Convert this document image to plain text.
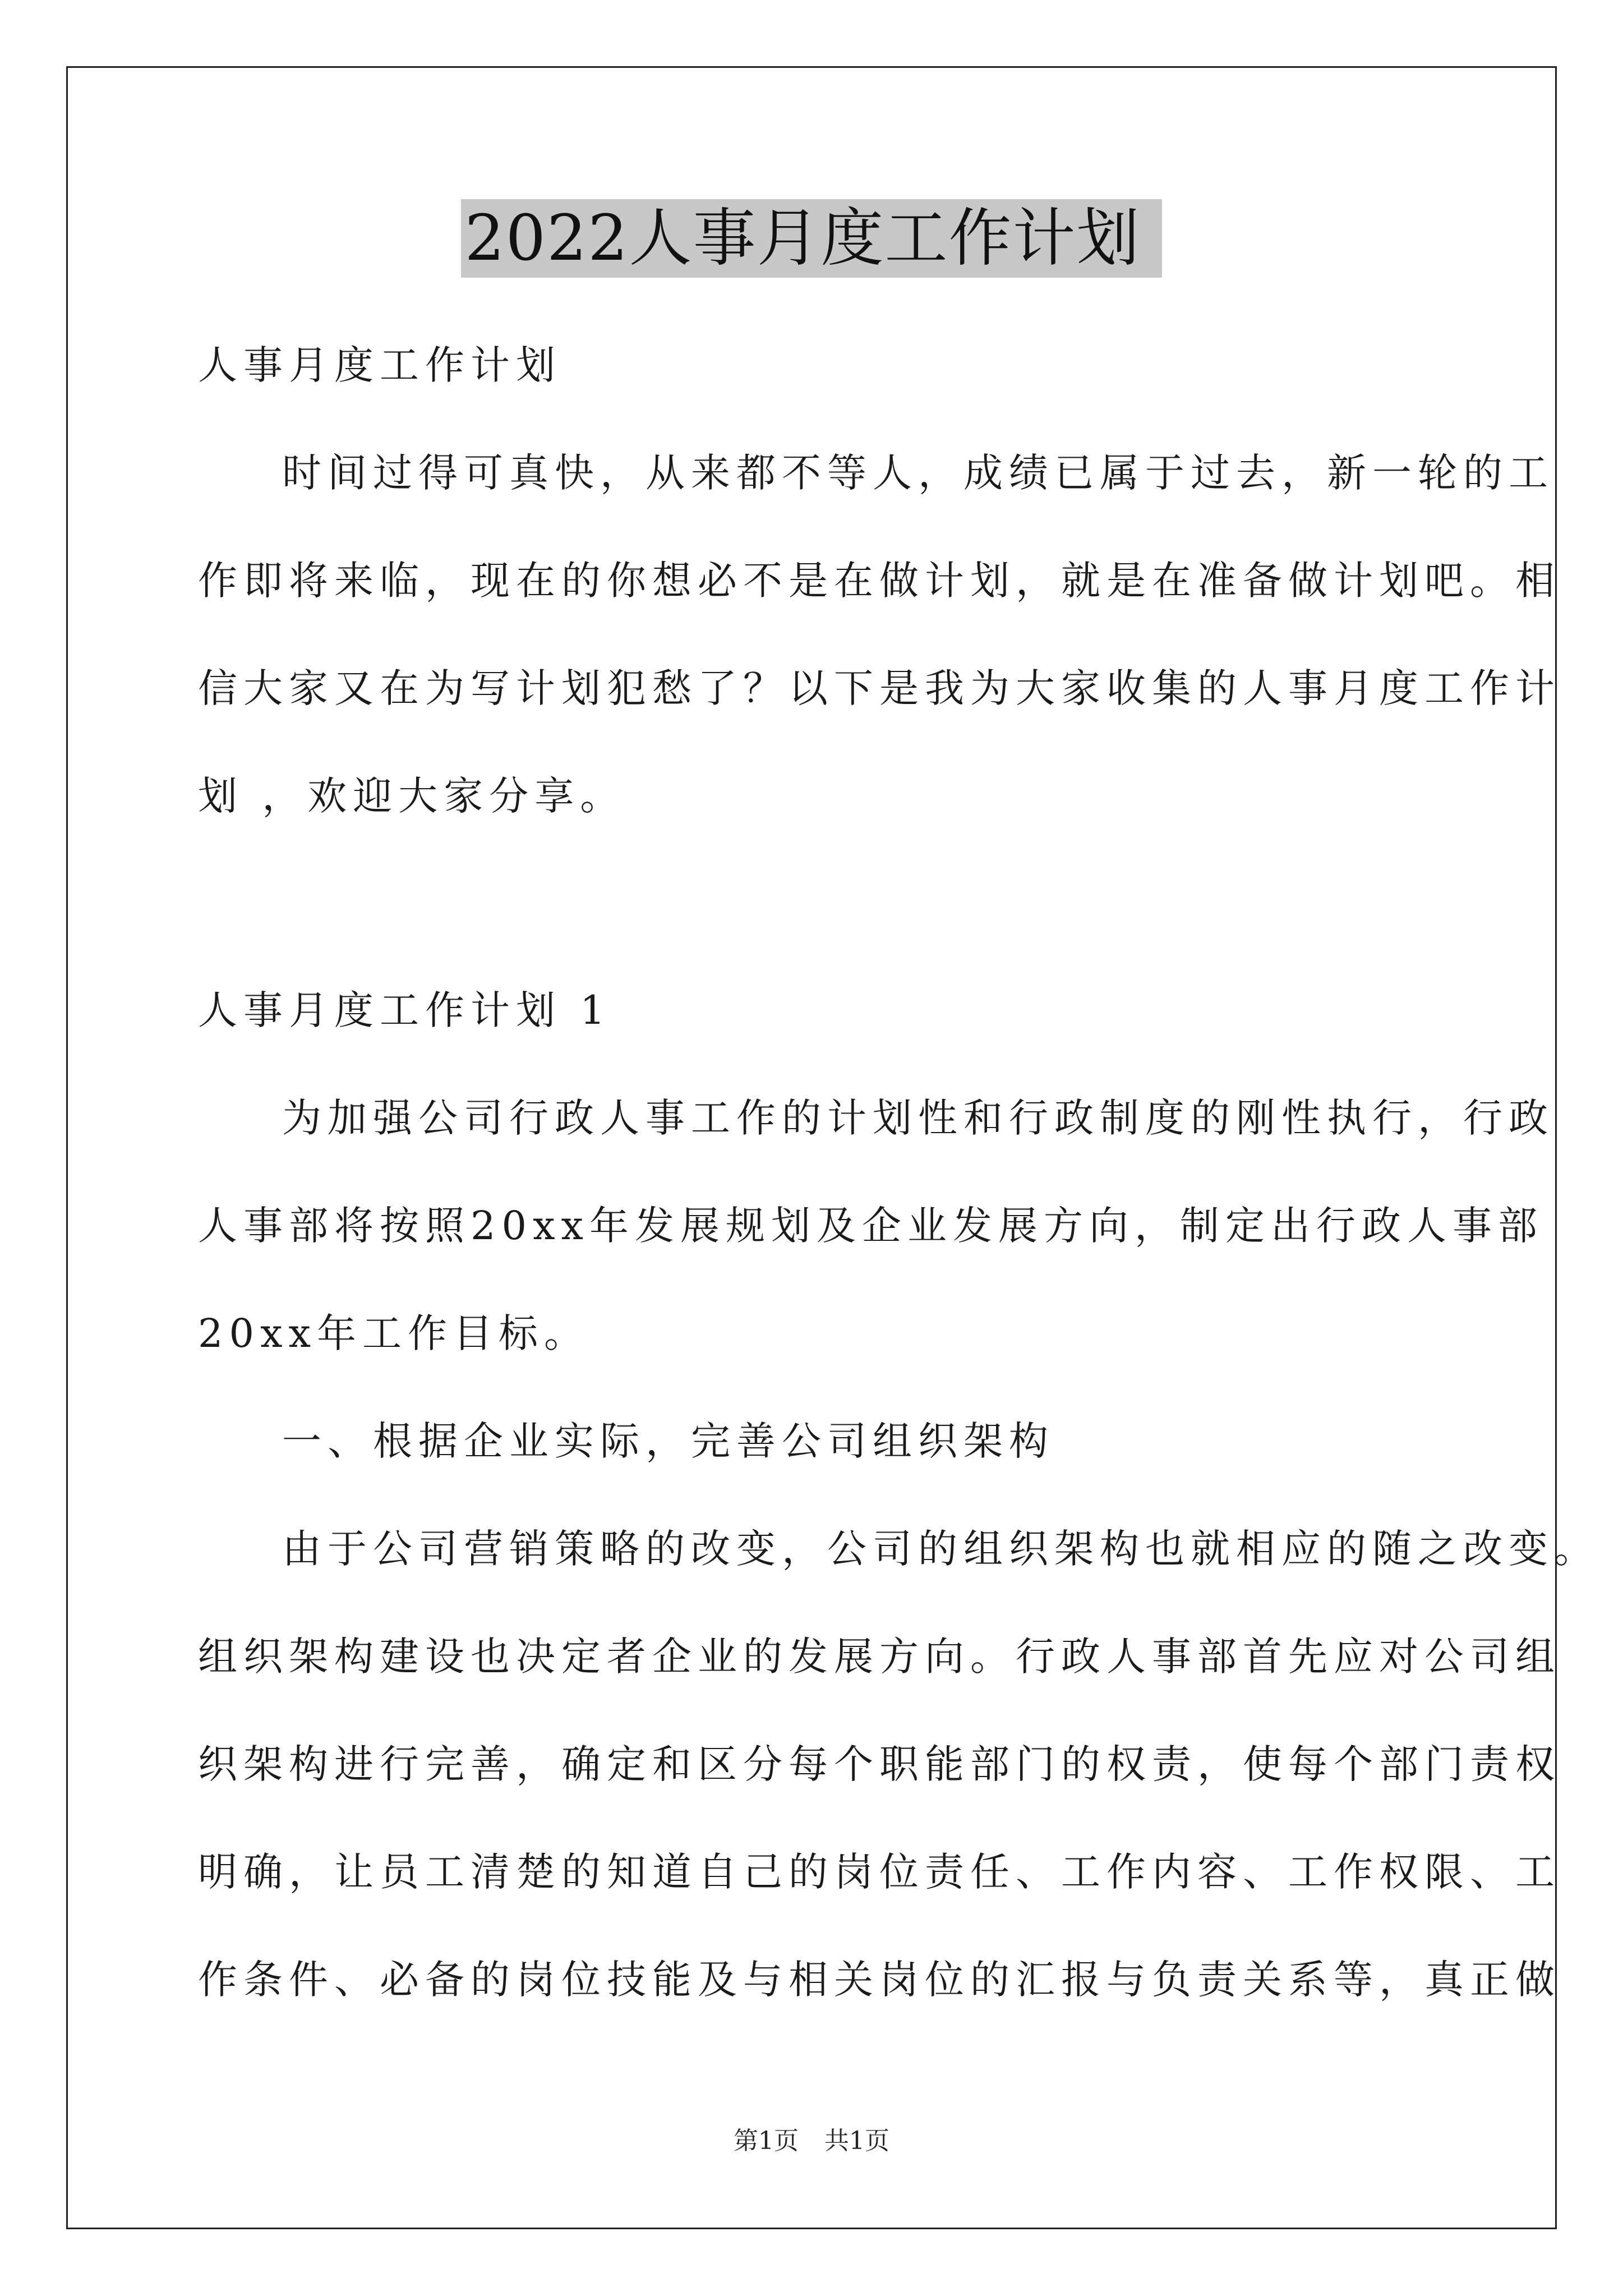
2022人事月度工作计划
人事月度工作计划
时间过得可真快，从来都不等人，成绩已属于过去，新一轮的工
作即将来临，现在的你想必不是在做计划，就是在准备做计划吧。相
信大家又在为写计划犯愁了？以下是我为大家收集的人事月度工作计
划 ，欢迎大家分享。
人事月度工作计划 1
为加强公司行政人事工作的计划性和行政制度的刚性执行，行政
人事部将按照20xx年发展规划及企业发展方向，制定出行政人事部
20xx年工作目标。
一、根据企业实际，完善公司组织架构
由于公司营销策略的改变，公司的组织架构也就相应的随之改变。
组织架构建设也决定者企业的发展方向。行政人事部首先应对公司组
织架构进行完善，确定和区分每个职能部门的权责，使每个部门责权
明确，让员工清楚的知道自己的岗位责任、工作内容、工作权限、工
作条件、必备的岗位技能及与相关岗位的汇报与负责关系等，真正做
第1页 共1页
